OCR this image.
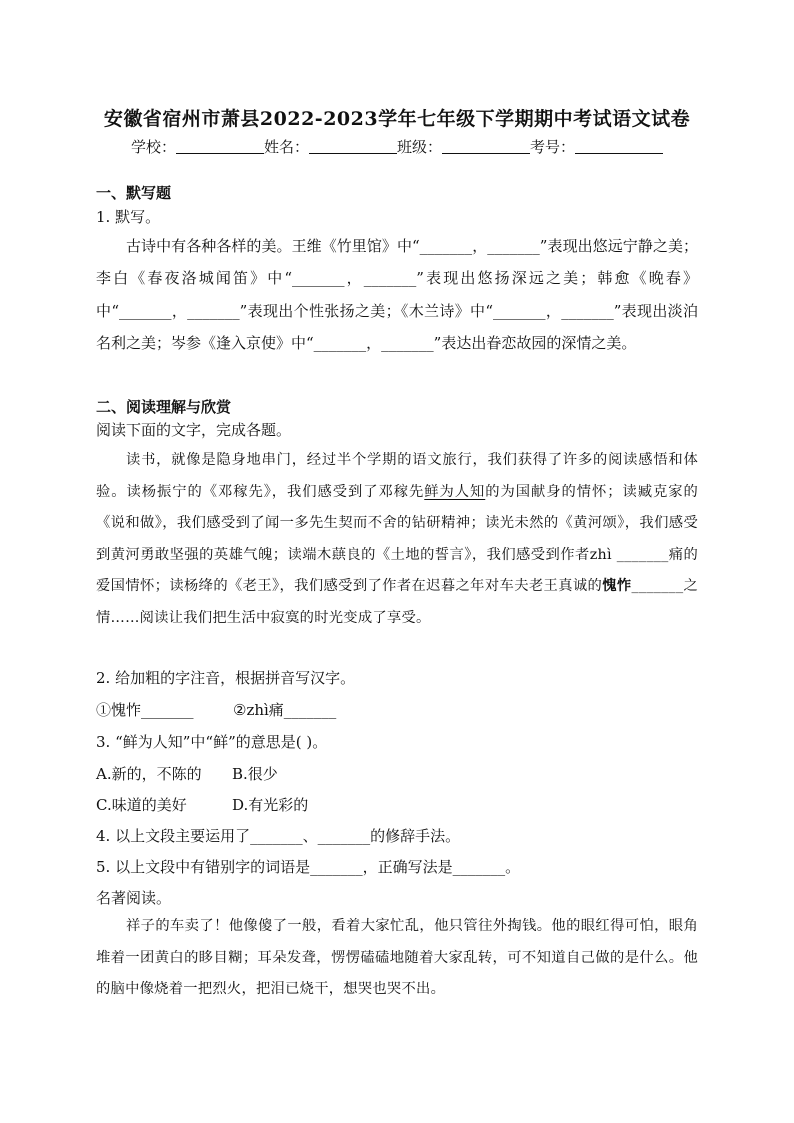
安徽省宿州市萧县2022-2023学年七年级下学期期中考试语文试卷
学校：	姓名：	班级：	考号：
一、默写题
1. 默写。
古诗中有各种各样的美。王维《竹里馆》中“_______，_______”表现出悠远宁静之美；李白《春夜洛城闻笛》中“_______，_______”表现出悠扬深远之美；韩愈《晚春》中“_______，_______”表现出个性张扬之美；《木兰诗》中“_______，_______”表现出淡泊名利之美；岑参《逢入京使》中“_______，_______”表达出眷恋故园的深情之美。
二、阅读理解与欣赏
阅读下面的文字，完成各题。
读书，就像是隐身地串门，经过半个学期的语文旅行，我们获得了许多的阅读感悟和体验。读杨振宁的《邓稼先》，我们感受到了邓稼先鲜为人知的为国献身的情怀；读臧克家的《说和做》，我们感受到了闻一多先生契而不舍的钻研精神；读光未然的《黄河颂》，我们感受到黄河勇敢坚强的英雄气魄；读端木蕻良的《土地的誓言》，我们感受到作者zhì _______痛的爱国情怀；读杨绛的《老王》，我们感受到了作者在迟暮之年对车夫老王真诚的愧怍_______之情……阅读让我们把生活中寂寞的时光变成了享受。
2. 给加粗的字注音，根据拼音写汉字。
①愧怍_______	②zhì痛_______
3. “鲜为人知”中“鲜”的意思是( )。
A.新的，不陈的 B.很少
C.味道的美好	D.有光彩的
4. 以上文段主要运用了_______、_______的修辞手法。
5. 以上文段中有错别字的词语是_______，正确写法是_______。
名著阅读。
祥子的车卖了！他像傻了一般，看着大家忙乱，他只管往外掏钱。他的眼红得可怕，眼角堆着一团黄白的眵目糊；耳朵发聋，愣愣磕磕地随着大家乱转，可不知道自己做的是什么。他的脑中像烧着一把烈火，把泪已烧干，想哭也哭不出。
